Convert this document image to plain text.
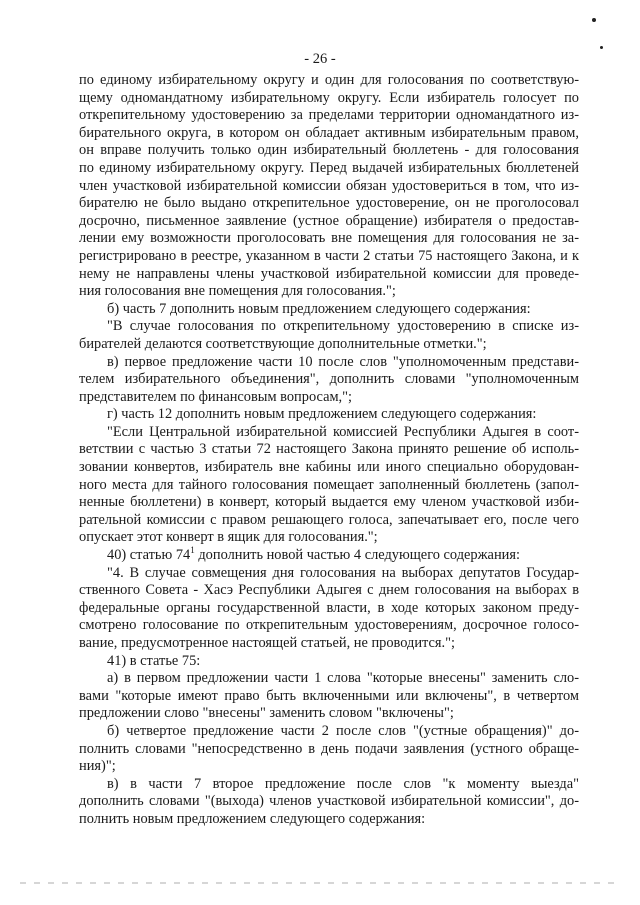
- 26 -
по единому избирательному округу и один для голосования по соответствую-
щему одномандатному избирательному округу. Если избиратель голосует по
открепительному удостоверению за пределами территории одномандатного из-
бирательного округа, в котором он обладает активным избирательным правом,
он вправе получить только один избирательный бюллетень - для голосования
по единому избирательному округу. Перед выдачей избирательных бюллетеней
член участковой избирательной комиссии обязан удостовериться в том, что из-
бирателю не было выдано открепительное удостоверение, он не проголосовал
досрочно, письменное заявление (устное обращение) избирателя о предостав-
лении ему возможности проголосовать вне помещения для голосования не за-
регистрировано в реестре, указанном в части 2 статьи 75 настоящего Закона, и к
нему не направлены члены участковой избирательной комиссии для проведе-
ния голосования вне помещения для голосования.";
б) часть 7 дополнить новым предложением следующего содержания:
"В случае голосования по открепительному удостоверению в списке из-
бирателей делаются соответствующие дополнительные отметки.";
в) первое предложение части 10 после слов "уполномоченным представи-
телем избирательного объединения", дополнить словами "уполномоченным
представителем по финансовым вопросам,";
г) часть 12 дополнить новым предложением следующего содержания:
"Если Центральной избирательной комиссией Республики Адыгея в соот-
ветствии с частью 3 статьи 72 настоящего Закона принято решение об исполь-
зовании конвертов, избиратель вне кабины или иного специально оборудован-
ного места для тайного голосования помещает заполненный бюллетень (запол-
ненные бюллетени) в конверт, который выдается ему членом участковой изби-
рательной комиссии с правом решающего голоса, запечатывает его, после чего
опускает этот конверт в ящик для голосования.";
40) статью $74^1$ дополнить новой частью 4 следующего содержания:
"4. В случае совмещения дня голосования на выборах депутатов Государ-
ственного Совета - Хасэ Республики Адыгея с днем голосования на выборах в
федеральные органы государственной власти, в ходе которых законом преду-
смотрено голосование по открепительным удостоверениям, досрочное голосо-
вание, предусмотренное настоящей статьей, не проводится.";
41) в статье 75:
а) в первом предложении части 1 слова "которые внесены" заменить сло-
вами "которые имеют право быть включенными или включены", в четвертом
предложении слово "внесены" заменить словом "включены";
б) четвертое предложение части 2 после слов "(устные обращения)" до-
полнить словами "непосредственно в день подачи заявления (устного обраще-
ния)";
в) в части 7 второе предложение после слов "к моменту выезда"
дополнить словами "(выхода) членов участковой избирательной комиссии", до-
полнить новым предложением следующего содержания:
